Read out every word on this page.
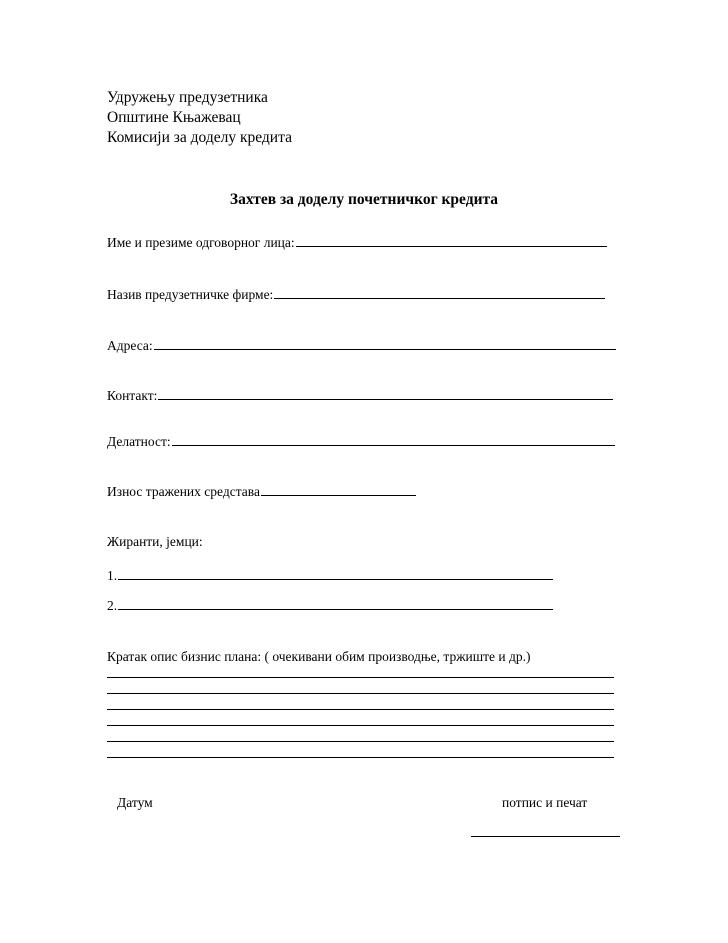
Удружењу предузетника
Општине Књажевац
Комисији за доделу кредита
Захтев за доделу почетничког кредита
Име и презиме одговорног лица:
Назив предузетничке фирме:
Адреса:
Контакт:
Делатност:
Износ тражених средстава
Жиранти, јемци:
1.
2.
Кратак опис бизнис плана: ( очекивани обим производње, тржиште и др.)
Датум	потпис и печат
